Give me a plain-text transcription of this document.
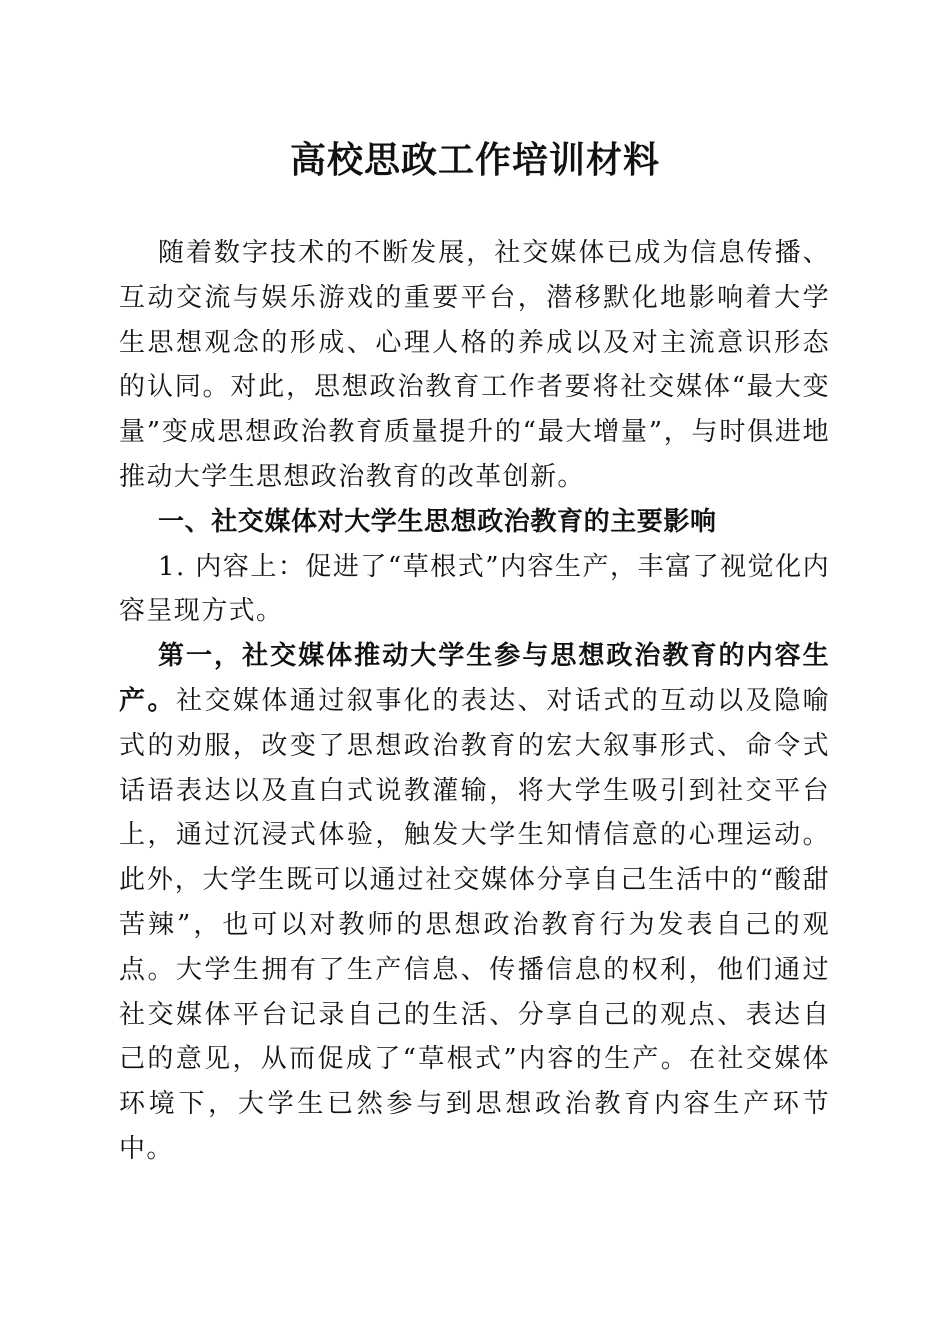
高校思政工作培训材料

随着数字技术的不断发展，社交媒体已成为信息传播、互动交流与娱乐游戏的重要平台，潜移默化地影响着大学生思想观念的形成、心理人格的养成以及对主流意识形态的认同。对此，思想政治教育工作者要将社交媒体“最大变量”变成思想政治教育质量提升的“最大增量”，与时俱进地推动大学生思想政治教育的改革创新。

一、社交媒体对大学生思想政治教育的主要影响

1. 内容上：促进了“草根式”内容生产，丰富了视觉化内容呈现方式。

第一，社交媒体推动大学生参与思想政治教育的内容生产。社交媒体通过叙事化的表达、对话式的互动以及隐喻式的劝服，改变了思想政治教育的宏大叙事形式、命令式话语表达以及直白式说教灌输，将大学生吸引到社交平台上，通过沉浸式体验，触发大学生知情信意的心理运动。此外，大学生既可以通过社交媒体分享自己生活中的“酸甜苦辣”，也可以对教师的思想政治教育行为发表自己的观点。大学生拥有了生产信息、传播信息的权利，他们通过社交媒体平台记录自己的生活、分享自己的观点、表达自己的意见，从而促成了“草根式”内容的生产。在社交媒体环境下，大学生已然参与到思想政治教育内容生产环节中。
